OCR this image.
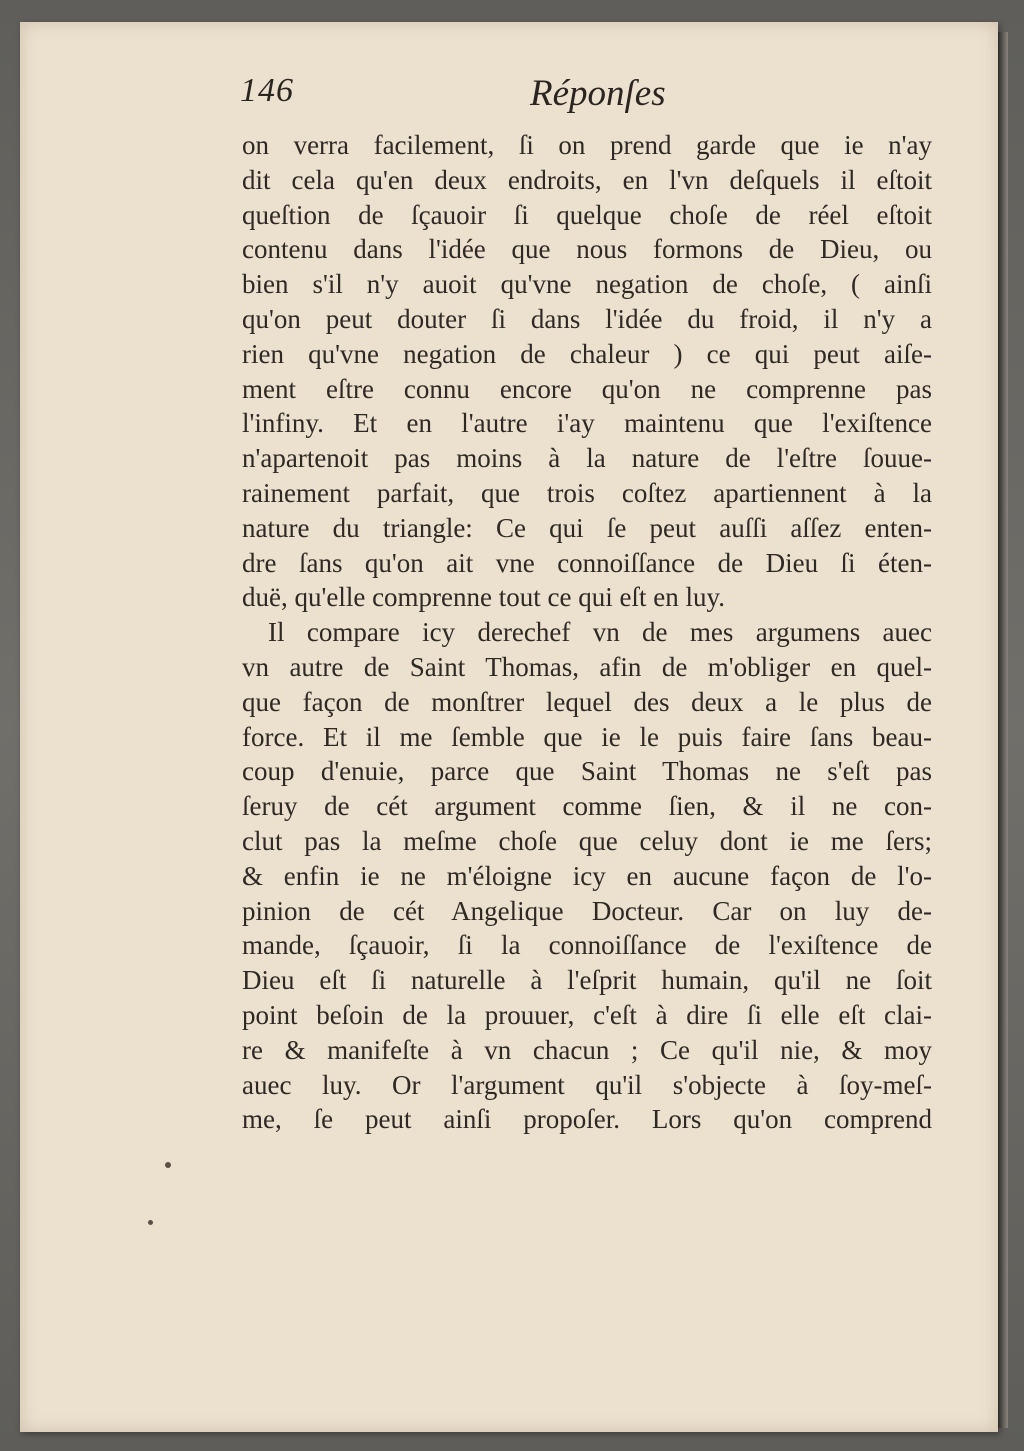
146	Réponſes
on verra facilement, ſi on prend garde que ie n'ay
dit cela qu'en deux endroits, en l'vn deſquels il eſtoit
queſtion de ſçauoir ſi quelque choſe de réel eſtoit
contenu dans l'idée que nous formons de Dieu, ou
bien s'il n'y auoit qu'vne negation de choſe, ( ainſi
qu'on peut douter ſi dans l'idée du froid, il n'y a
rien qu'vne negation de chaleur ) ce qui peut aiſe-
ment eſtre connu encore qu'on ne comprenne pas
l'infiny. Et en l'autre i'ay maintenu que l'exiſtence
n'apartenoit pas moins à la nature de l'eſtre ſouue-
rainement parfait, que trois coſtez apartiennent à la
nature du triangle: Ce qui ſe peut auſſi aſſez enten-
dre ſans qu'on ait vne connoiſſance de Dieu ſi éten-
duë, qu'elle comprenne tout ce qui eſt en luy.
Il compare icy derechef vn de mes argumens auec
vn autre de Saint Thomas, afin de m'obliger en quel-
que façon de monſtrer lequel des deux a le plus de
force. Et il me ſemble que ie le puis faire ſans beau-
coup d'enuie, parce que Saint Thomas ne s'eſt pas
ſeruy de cét argument comme ſien, & il ne con-
clut pas la meſme choſe que celuy dont ie me ſers;
& enfin ie ne m'éloigne icy en aucune façon de l'o-
pinion de cét Angelique Docteur. Car on luy de-
mande, ſçauoir, ſi la connoiſſance de l'exiſtence de
Dieu eſt ſi naturelle à l'eſprit humain, qu'il ne ſoit
point beſoin de la prouuer, c'eſt à dire ſi elle eſt clai-
re & manifeſte à vn chacun ; Ce qu'il nie, & moy
auec luy. Or l'argument qu'il s'objecte à ſoy-meſ-
me, ſe peut ainſi propoſer. Lors qu'on comprend
